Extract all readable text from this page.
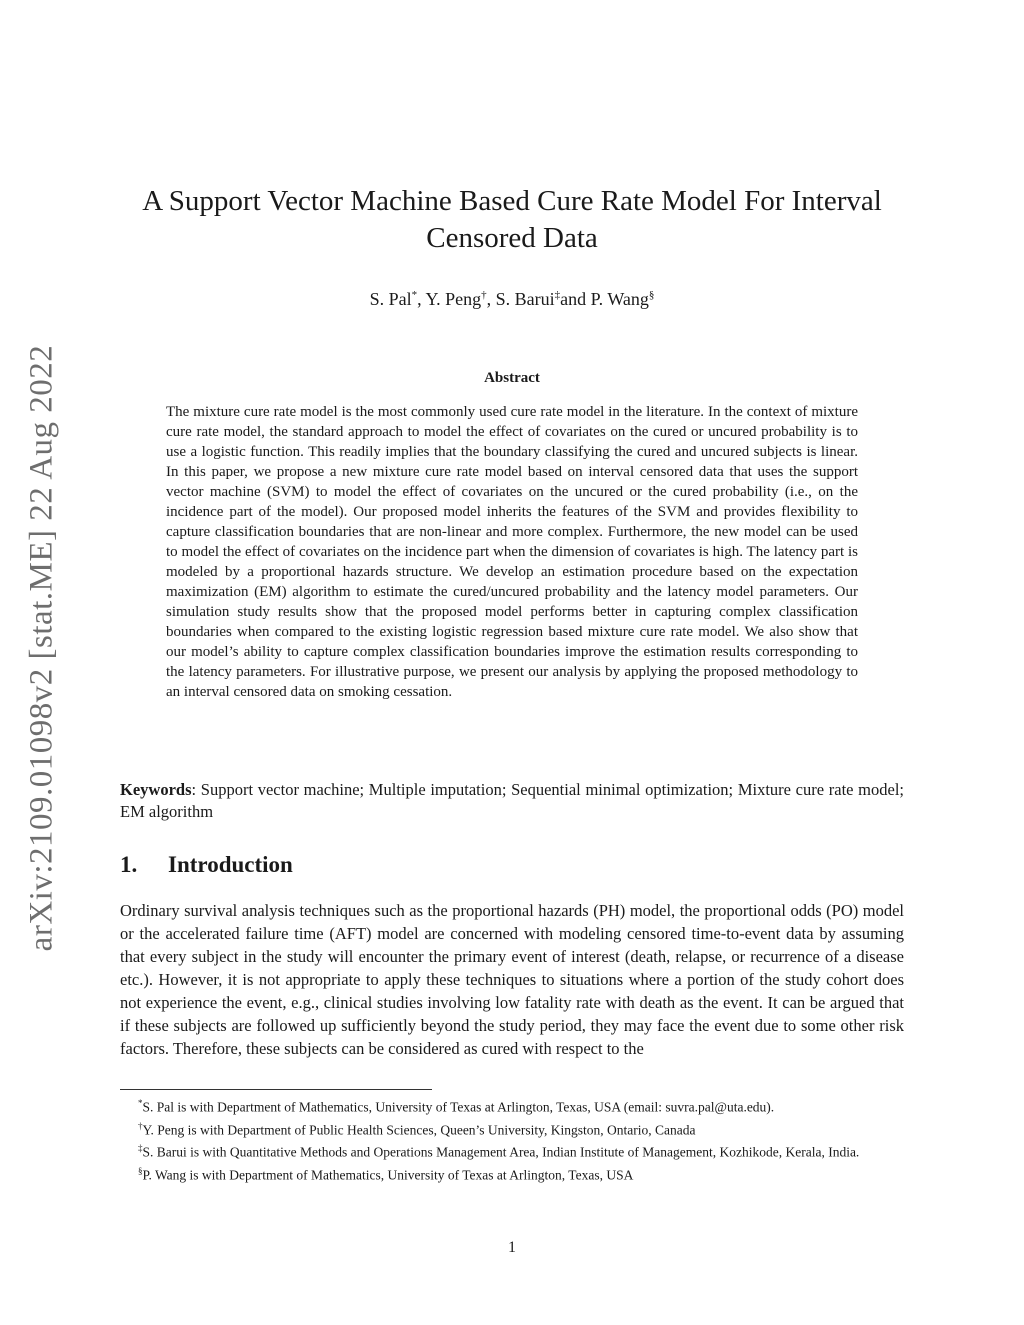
arXiv:2109.01098v2 [stat.ME] 22 Aug 2022
A Support Vector Machine Based Cure Rate Model For Interval
Censored Data
S. Pal*, Y. Peng†, S. Barui‡and P. Wang§
Abstract
The mixture cure rate model is the most commonly used cure rate model in the literature. In the context of mixture cure rate model, the standard approach to model the effect of covariates on the cured or uncured probability is to use a logistic function. This readily implies that the boundary classifying the cured and uncured subjects is linear. In this paper, we propose a new mixture cure rate model based on interval censored data that uses the support vector machine (SVM) to model the effect of covariates on the uncured or the cured probability (i.e., on the incidence part of the model). Our proposed model inherits the features of the SVM and provides flexibility to capture classification boundaries that are non-linear and more complex. Furthermore, the new model can be used to model the effect of covariates on the incidence part when the dimension of covariates is high. The latency part is modeled by a proportional hazards structure. We develop an estimation procedure based on the expectation maximization (EM) algorithm to estimate the cured/uncured probability and the latency model parameters. Our simulation study results show that the proposed model performs better in capturing complex classification boundaries when compared to the existing logistic regression based mixture cure rate model. We also show that our model’s ability to capture complex classification boundaries improve the estimation results corresponding to the latency parameters. For illustrative purpose, we present our analysis by applying the proposed methodology to an interval censored data on smoking cessation.
Keywords: Support vector machine; Multiple imputation; Sequential minimal optimization; Mixture cure rate model; EM algorithm
1. Introduction
Ordinary survival analysis techniques such as the proportional hazards (PH) model, the proportional odds (PO) model or the accelerated failure time (AFT) model are concerned with modeling censored time-to-event data by assuming that every subject in the study will encounter the primary event of interest (death, relapse, or recurrence of a disease etc.). However, it is not appropriate to apply these techniques to situations where a portion of the study cohort does not experience the event, e.g., clinical studies involving low fatality rate with death as the event. It can be argued that if these subjects are followed up sufficiently beyond the study period, they may face the event due to some other risk factors. Therefore, these subjects can be considered as cured with respect to the

*S. Pal is with Department of Mathematics, University of Texas at Arlington, Texas, USA (email: suvra.pal@uta.edu).

†Y. Peng is with Department of Public Health Sciences, Queen’s University, Kingston, Ontario, Canada

‡S. Barui is with Quantitative Methods and Operations Management Area, Indian Institute of Management, Kozhikode, Kerala, India.

§P. Wang is with Department of Mathematics, University of Texas at Arlington, Texas, USA

1
